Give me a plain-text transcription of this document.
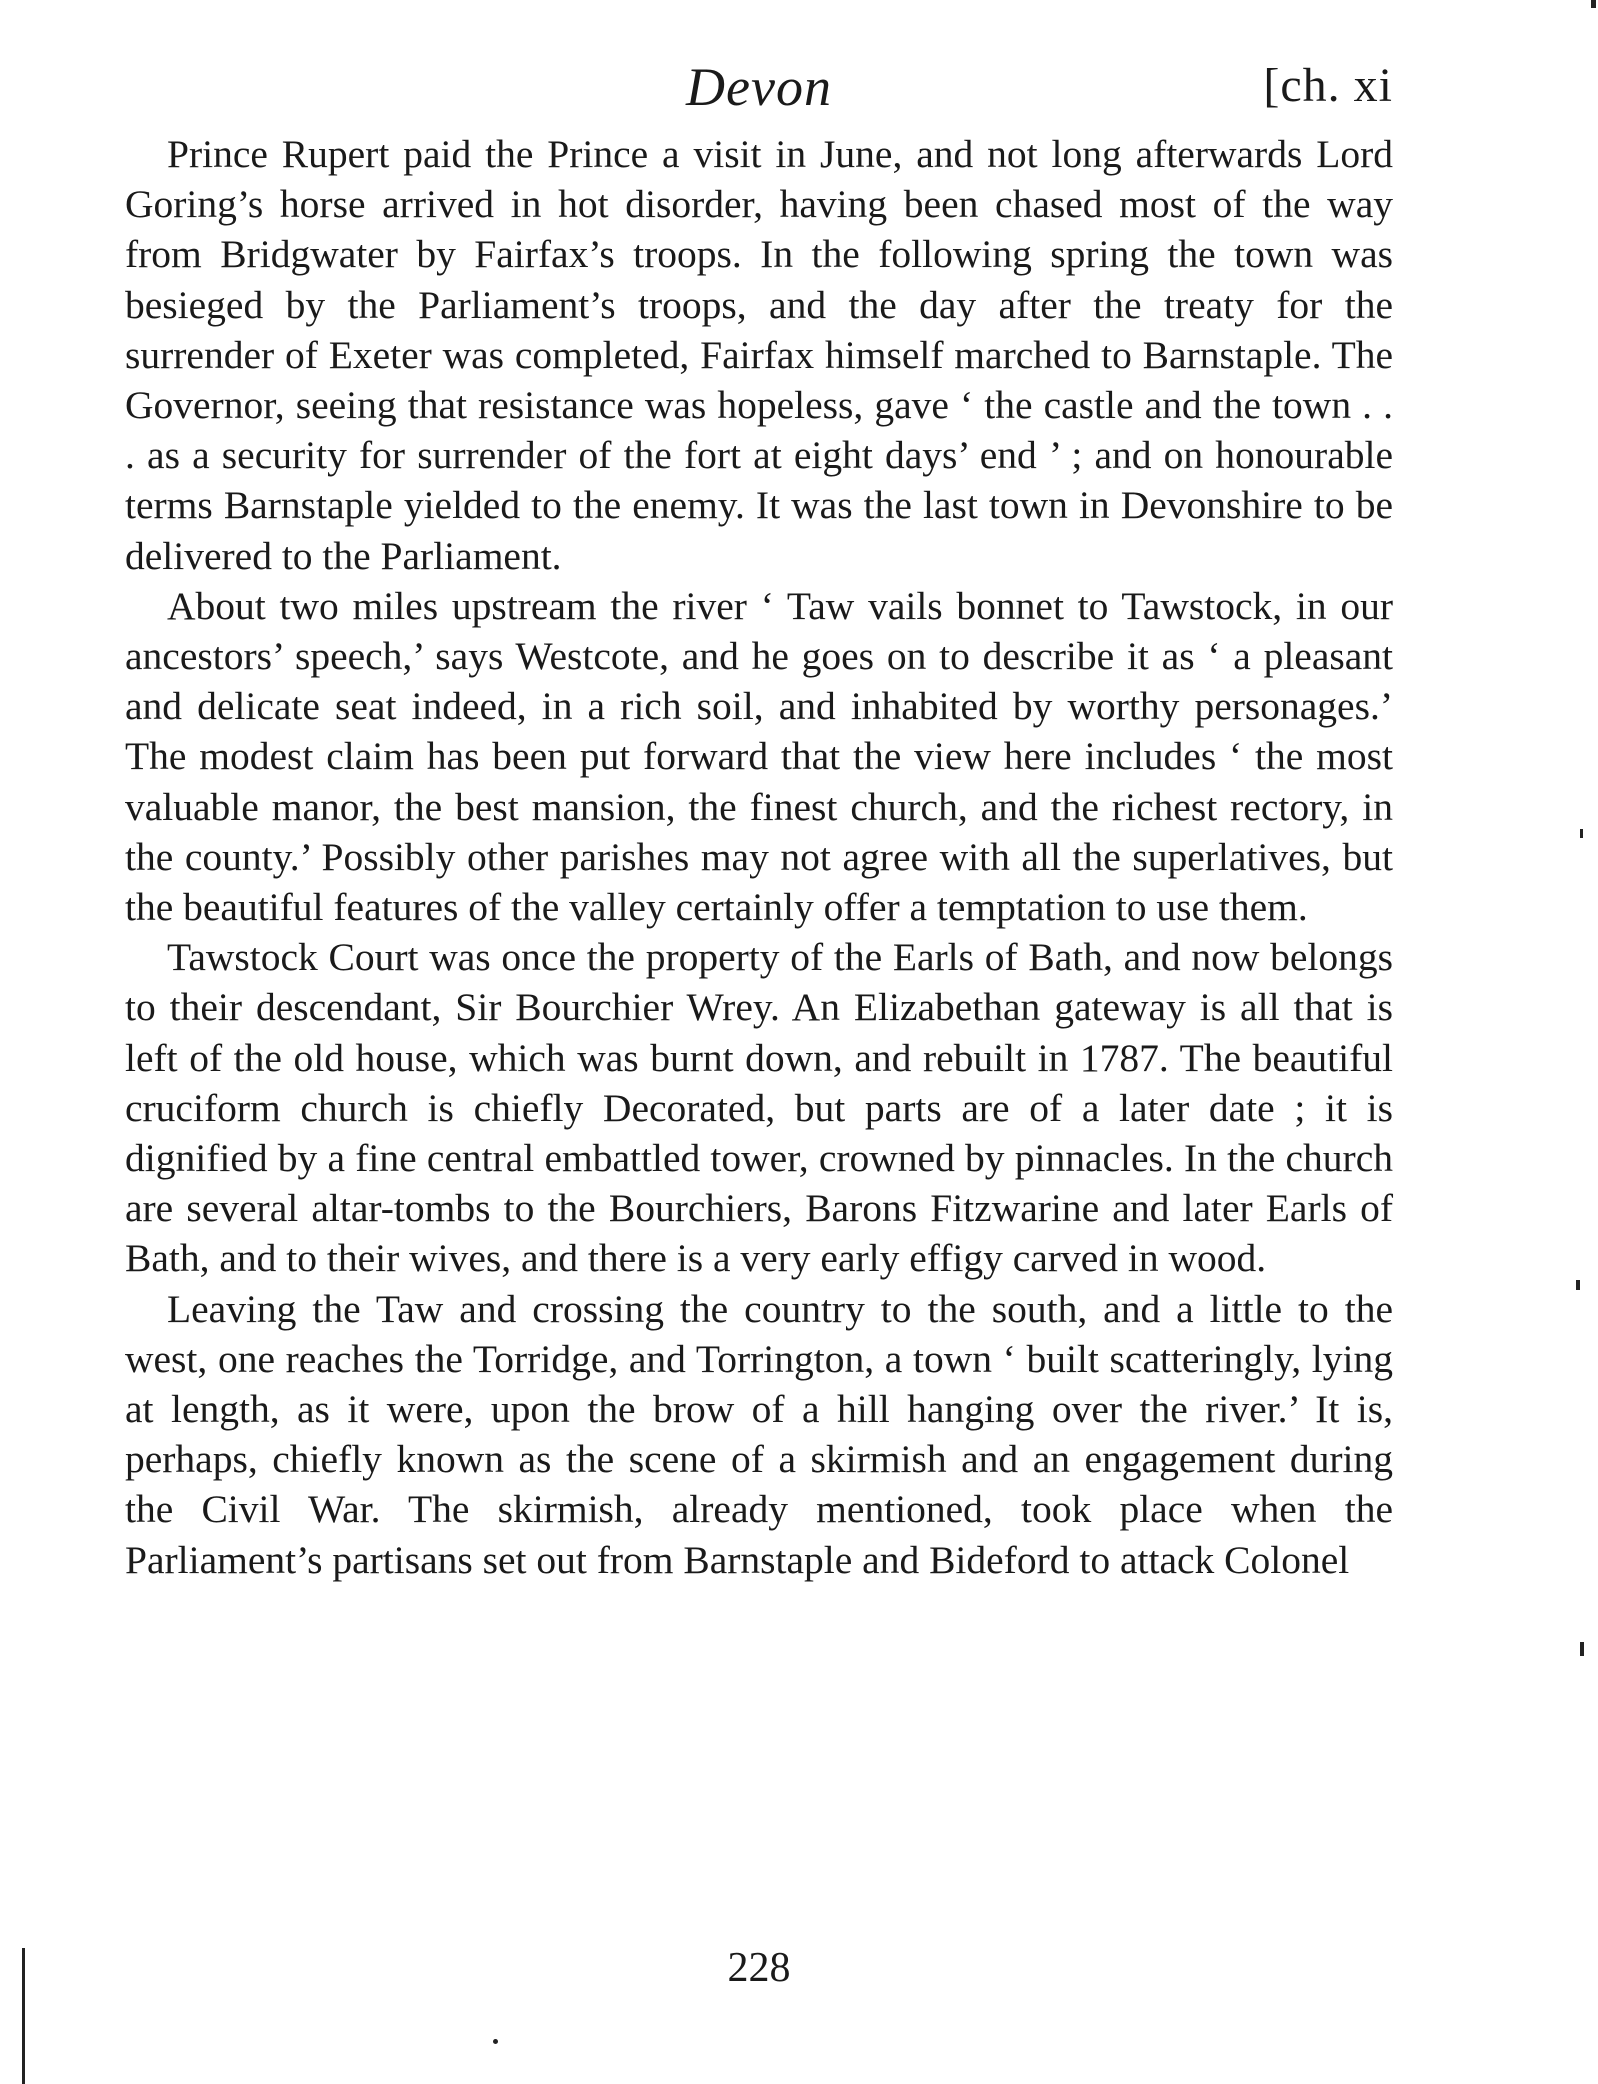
Devon	[ch. xi

Prince Rupert paid the Prince a visit in June, and not long afterwards Lord Goring’s horse arrived in hot disorder, having been chased most of the way from Bridgwater by Fairfax’s troops. In the following spring the town was besieged by the Parliament’s troops, and the day after the treaty for the surrender of Exeter was completed, Fairfax himself marched to Barnstaple. The Governor, seeing that resistance was hopeless, gave ‘ the castle and the town . . . as a security for surrender of the fort at eight days’ end ’ ; and on honourable terms Barnstaple yielded to the enemy. It was the last town in Devonshire to be delivered to the Parliament.

About two miles upstream the river ‘ Taw vails bonnet to Tawstock, in our ancestors’ speech,’ says Westcote, and he goes on to describe it as ‘ a pleasant and delicate seat indeed, in a rich soil, and inhabited by worthy personages.’ The modest claim has been put forward that the view here includes ‘ the most valuable manor, the best mansion, the finest church, and the richest rectory, in the county.’ Possibly other parishes may not agree with all the superlatives, but the beautiful features of the valley certainly offer a temptation to use them.

Tawstock Court was once the property of the Earls of Bath, and now belongs to their descendant, Sir Bourchier Wrey. An Elizabethan gateway is all that is left of the old house, which was burnt down, and rebuilt in 1787. The beautiful cruciform church is chiefly Decorated, but parts are of a later date ; it is dignified by a fine central embattled tower, crowned by pinnacles. In the church are several altar-tombs to the Bourchiers, Barons Fitzwarine and later Earls of Bath, and to their wives, and there is a very early effigy carved in wood.

Leaving the Taw and crossing the country to the south, and a little to the west, one reaches the Torridge, and Torrington, a town ‘ built scatteringly, lying at length, as it were, upon the brow of a hill hanging over the river.’ It is, perhaps, chiefly known as the scene of a skirmish and an engagement during the Civil War. The skirmish, already mentioned, took place when the Parliament’s partisans set out from Barnstaple and Bideford to attack Colonel

228
